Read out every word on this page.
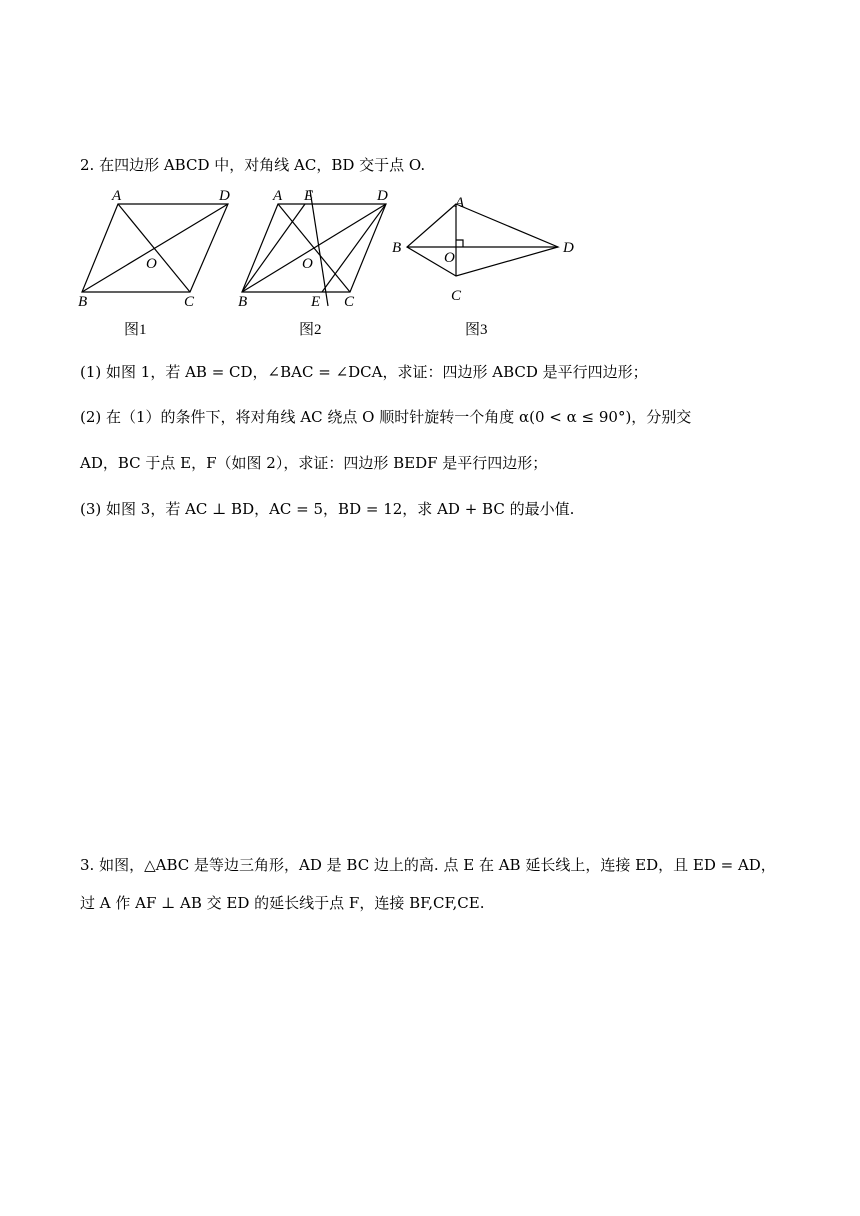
2. 在四边形 ABCD 中，对角线 AC，BD 交于点 O.
A	D
B	C
O
图1
A E	D
B	E C
O
图2
A
B	D
C
O
图3
(1) 如图 1，若 AB = CD，∠BAC = ∠DCA，求证：四边形 ABCD 是平行四边形；
(2) 在（1）的条件下，将对角线 AC 绕点 O 顺时针旋转一个角度 α(0 < α ≤ 90°)，分别交
AD，BC 于点 E，F（如图 2），求证：四边形 BEDF 是平行四边形；
(3) 如图 3，若 AC ⊥ BD，AC = 5，BD = 12，求 AD + BC 的最小值.
3. 如图，△ABC 是等边三角形，AD 是 BC 边上的高. 点 E 在 AB 延长线上，连接 ED，且 ED = AD，
过 A 作 AF ⊥ AB 交 ED 的延长线于点 F，连接 BF,CF,CE.
